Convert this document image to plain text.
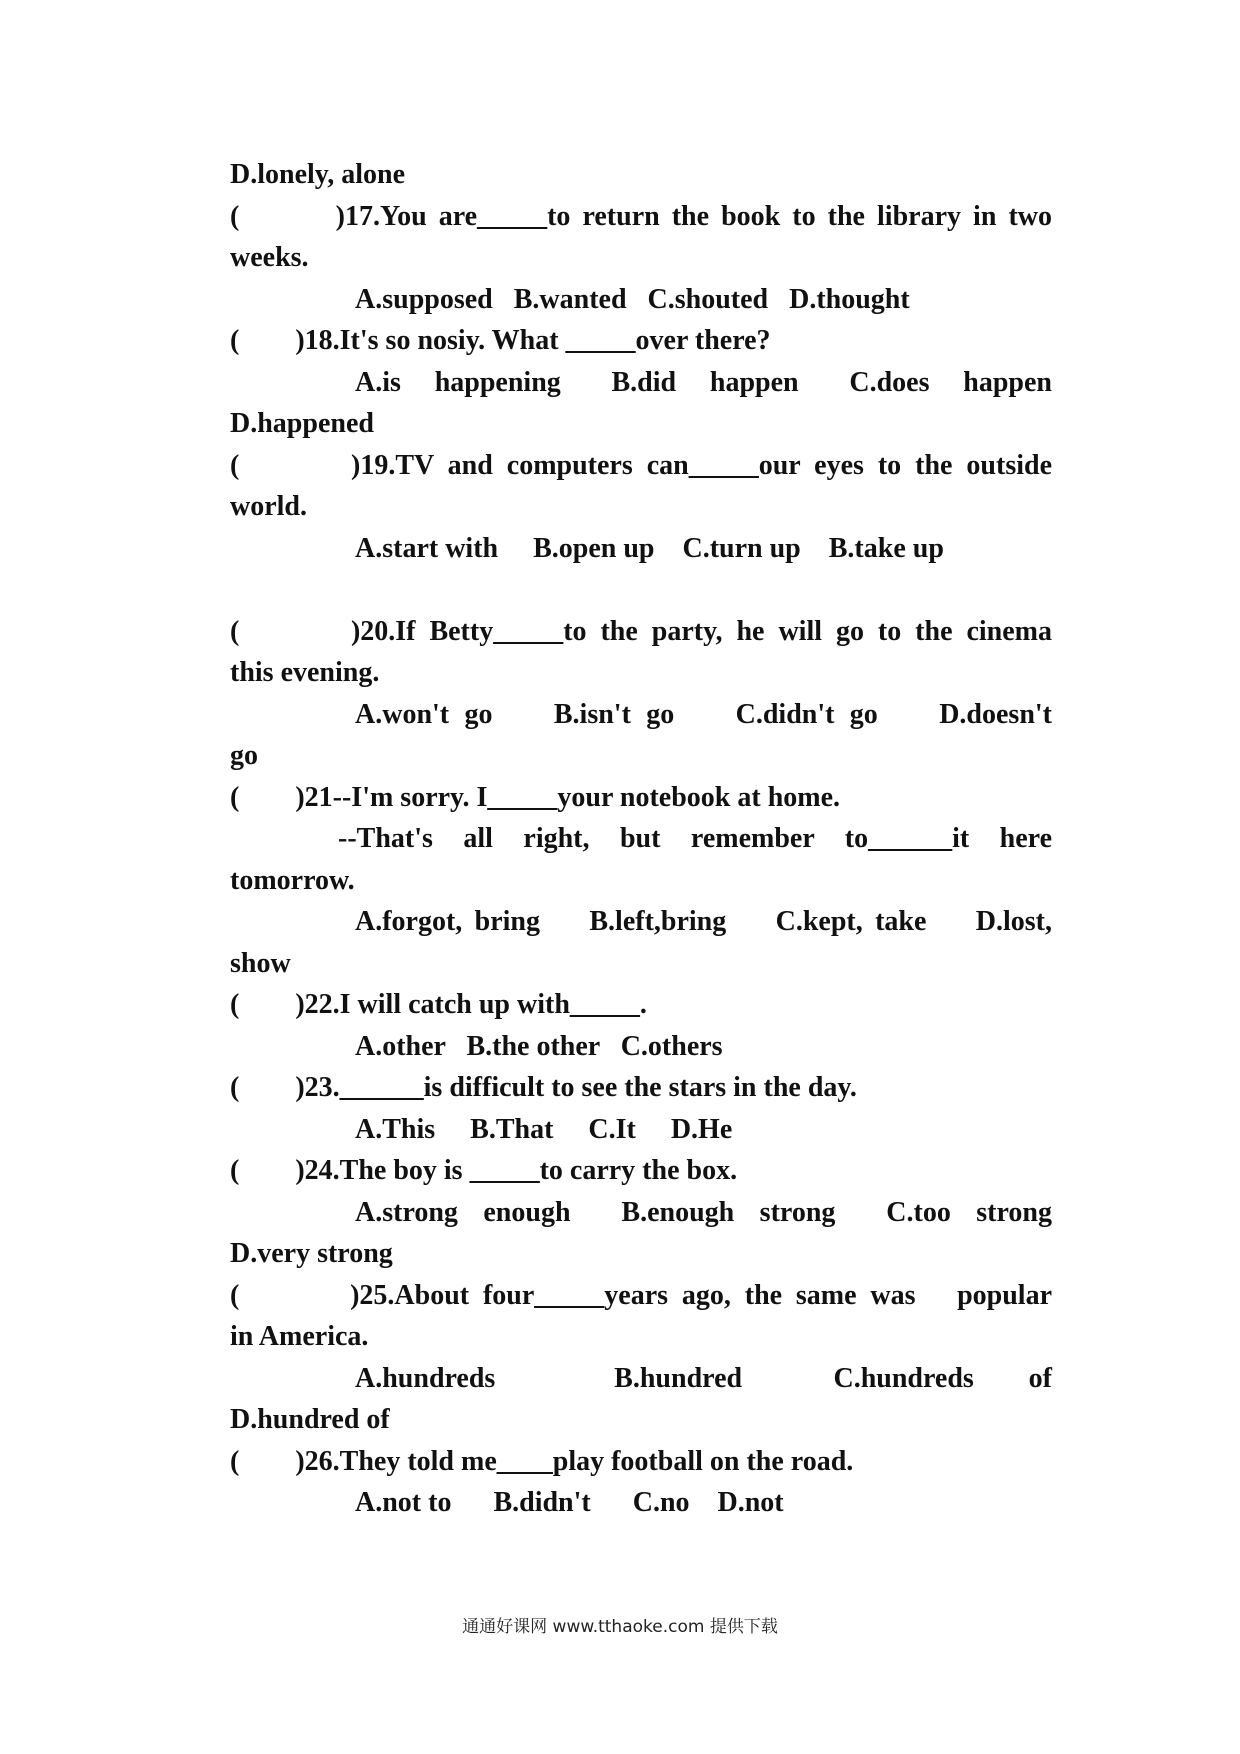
D.lonely, alone
(        )17.You are_____to return the book to the library in two
weeks.
A.supposed   B.wanted   C.shouted   D.thought
(        )18.It's so nosiy. What _____over there?
A.is  happening   B.did  happen   C.does  happen
D.happened
(        )19.TV and computers can_____our eyes to the outside
world.
A.start with     B.open up    C.turn up    B.take up
(        )20.If Betty_____to the party, he will go to the cinema
this evening.
A.won't go    B.isn't go    C.didn't go    D.doesn't
go
(        )21--I'm sorry. I_____your notebook at home.
--That's  all  right,  but  remember  to______it  here
tomorrow.
A.forgot, bring    B.left,bring    C.kept, take    D.lost,
show
(        )22.I will catch up with_____.
A.other   B.the other   C.others
(        )23.______is difficult to see the stars in the day.
A.This     B.That     C.It     D.He
(        )24.The boy is _____to carry the box.
A.strong  enough    B.enough  strong    C.too  strong
D.very strong
(        )25.About four_____years ago, the same was   popular
in America.
A.hundreds             B.hundred          C.hundreds      of
D.hundred of
(        )26.They told me____play football on the road.
A.not to      B.didn't      C.no    D.not
通通好课网 www.tthaoke.com 提供下载
